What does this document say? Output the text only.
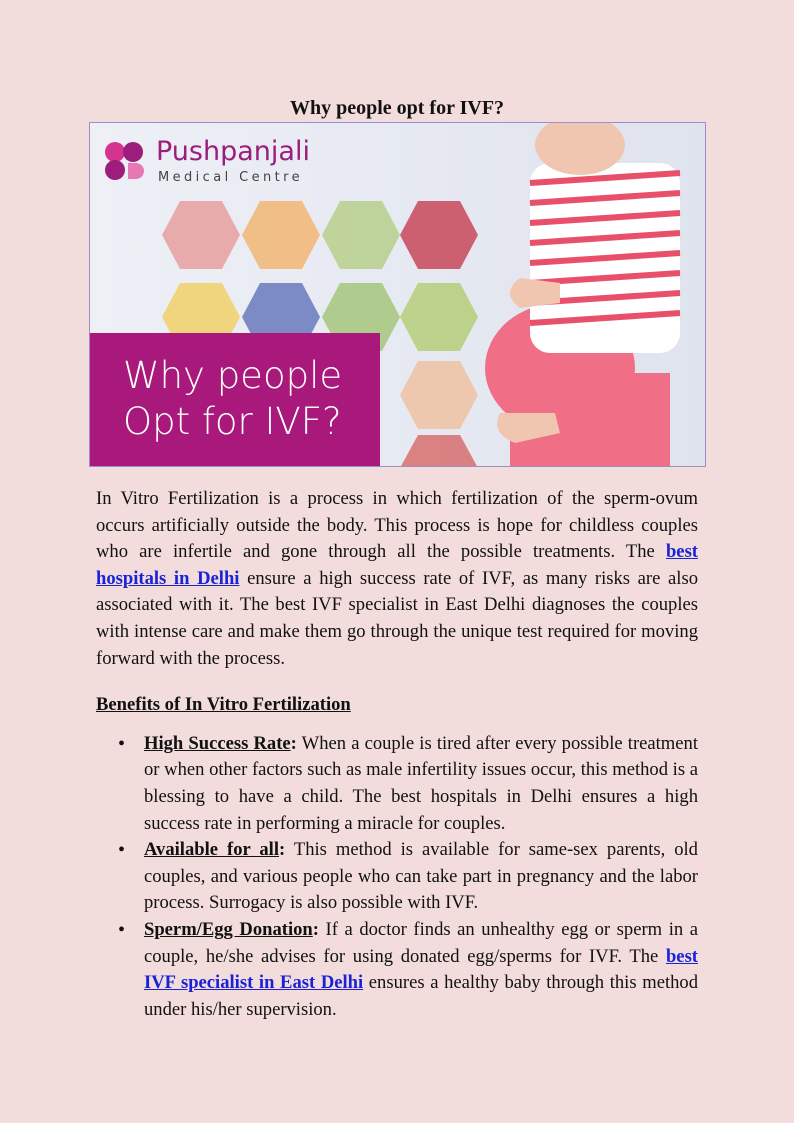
Why people opt for IVF?
Pushpanjali
Medical Centre
Why people
Opt for IVF?

In Vitro Fertilization is a process in which fertilization of the sperm-ovum occurs artificially outside the body. This process is hope for childless couples who are infertile and gone through all the possible treatments. The best hospitals in Delhi ensure a high success rate of IVF, as many risks are also associated with it. The best IVF specialist in East Delhi diagnoses the couples with intense care and make them go through the unique test required for moving forward with the process.

Benefits of In Vitro Fertilization
• High Success Rate: When a couple is tired after every possible treatment or when other factors such as male infertility issues occur, this method is a blessing to have a child. The best hospitals in Delhi ensures a high success rate in performing a miracle for couples.
• Available for all: This method is available for same-sex parents, old couples, and various people who can take part in pregnancy and the labor process. Surrogacy is also possible with IVF.
• Sperm/Egg Donation: If a doctor finds an unhealthy egg or sperm in a couple, he/she advises for using donated egg/sperms for IVF. The best IVF specialist in East Delhi ensures a healthy baby through this method under his/her supervision.
